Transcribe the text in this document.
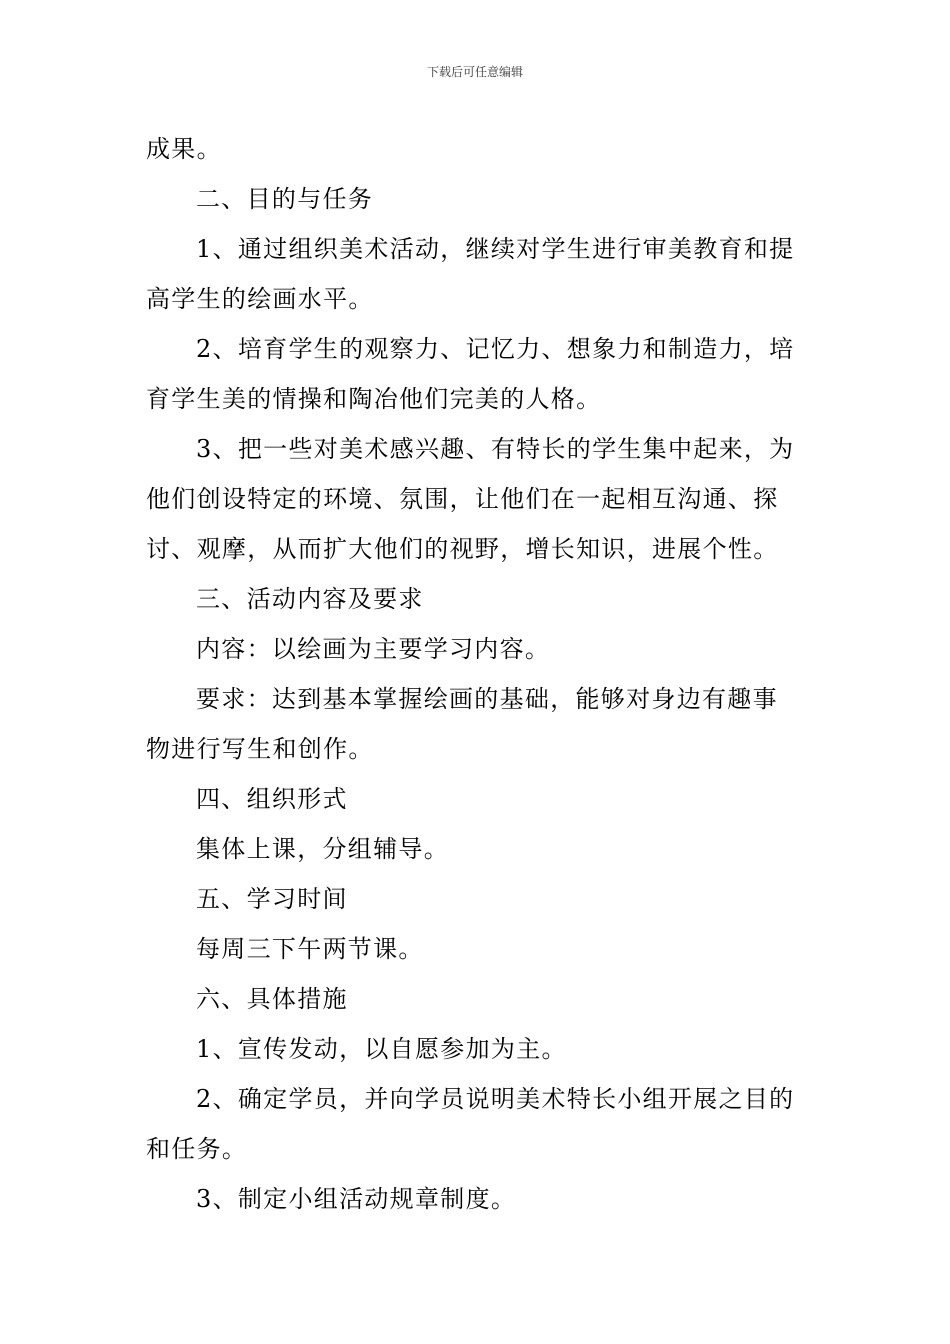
下载后可任意编辑
成果。
二、目的与任务
1、通过组织美术活动，继续对学生进行审美教育和提
高学生的绘画水平。
2、培育学生的观察力、记忆力、想象力和制造力，培
育学生美的情操和陶冶他们完美的人格。
3、把一些对美术感兴趣、有特长的学生集中起来，为
他们创设特定的环境、氛围，让他们在一起相互沟通、探
讨、观摩，从而扩大他们的视野，增长知识，进展个性。
三、活动内容及要求
内容：以绘画为主要学习内容。
要求：达到基本掌握绘画的基础，能够对身边有趣事
物进行写生和创作。
四、组织形式
集体上课，分组辅导。
五、学习时间
每周三下午两节课。
六、具体措施
1、宣传发动，以自愿参加为主。
2、确定学员，并向学员说明美术特长小组开展之目的
和任务。
3、制定小组活动规章制度。
